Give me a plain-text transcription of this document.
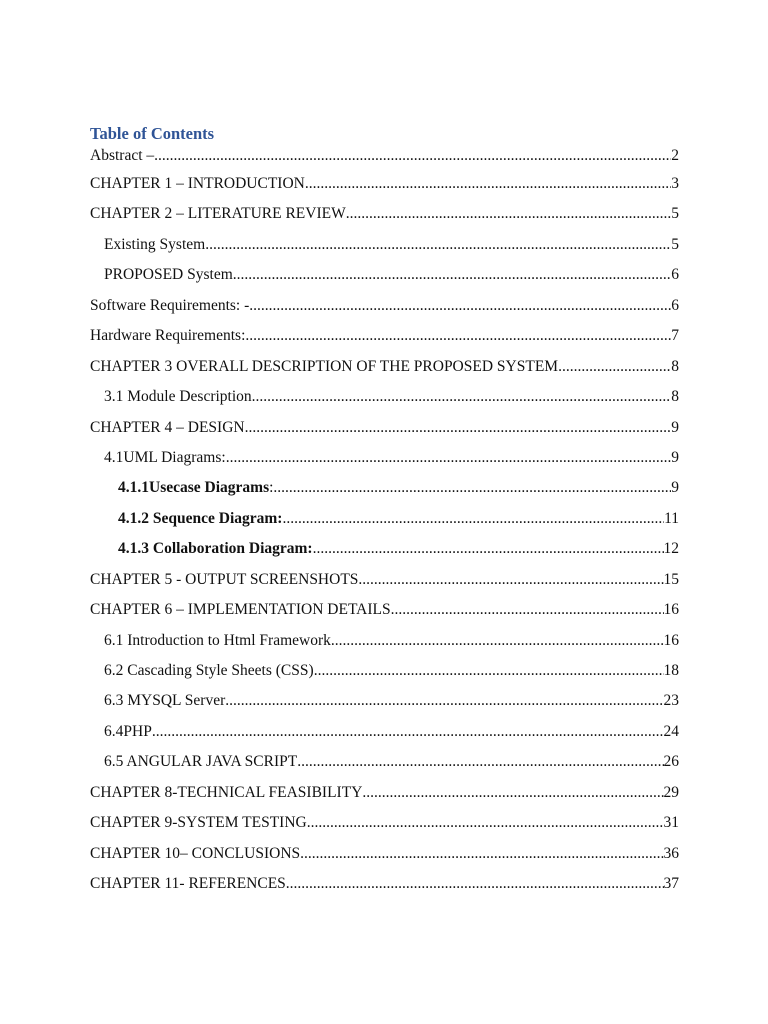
Table of Contents
Abstract – .....	2
CHAPTER 1 – INTRODUCTION .....	3
CHAPTER 2 – LITERATURE REVIEW .....	5
Existing System .....	5
PROPOSED System .....	6
Software Requirements: - .....	6
Hardware Requirements: .....	7
CHAPTER 3 OVERALL DESCRIPTION OF THE PROPOSED SYSTEM .....	8
3.1 Module Description .....	8
CHAPTER 4 – DESIGN .....	9
4.1UML Diagrams: .....	9
4.1.1Usecase Diagrams: .....	9
4.1.2 Sequence Diagram: .....	11
4.1.3 Collaboration Diagram: .....	12
CHAPTER 5 - OUTPUT SCREENSHOTS .....	15
CHAPTER 6 – IMPLEMENTATION DETAILS .....	16
6.1 Introduction to Html Framework .....	16
6.2 Cascading Style Sheets (CSS) .....	18
6.3 MYSQL Server .....	23
6.4PHP .....	24
6.5 ANGULAR JAVA SCRIPT .....	26
CHAPTER 8-TECHNICAL FEASIBILITY .....	29
CHAPTER 9-SYSTEM TESTING .....	31
CHAPTER 10– CONCLUSIONS .....	36
CHAPTER 11- REFERENCES .....	37
